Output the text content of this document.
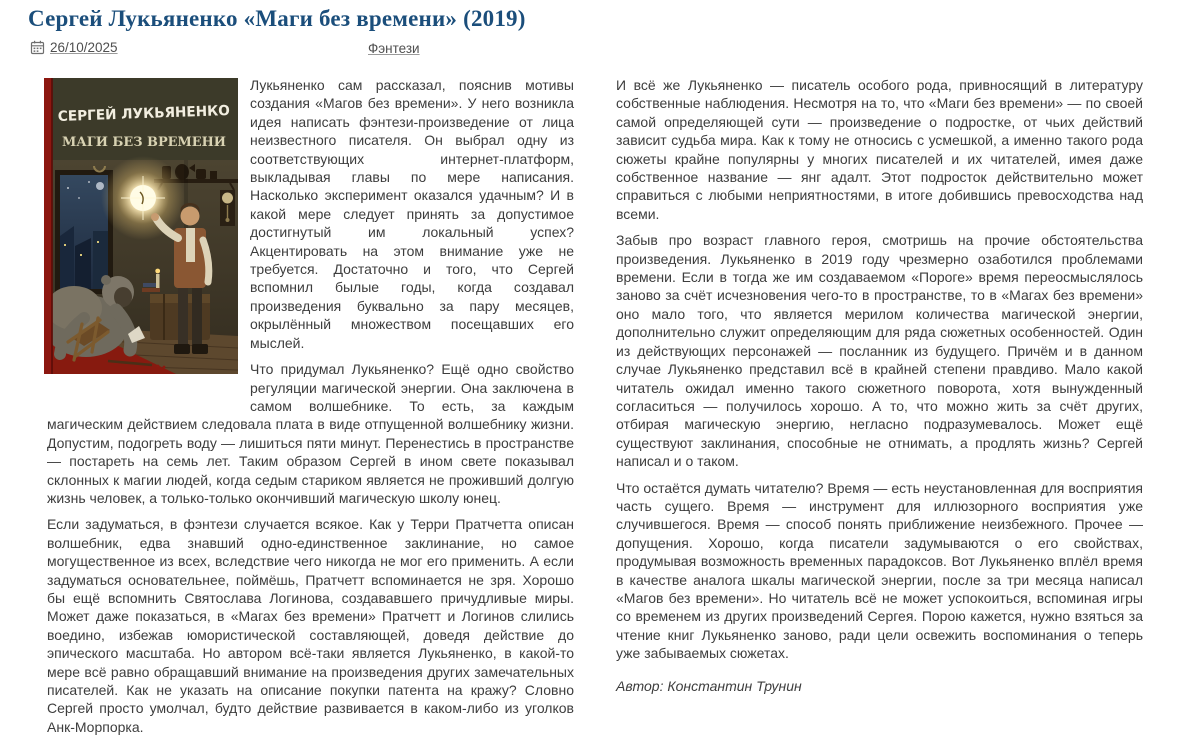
Сергей Лукьяненко «Маги без времени» (2019)
26/10/2025	Фэнтези
СЕРГЕЙ ЛУКЬЯНЕНКО
МАГИ БЕЗ ВРЕМЕНИ

Лукьяненко сам рассказал, пояснив мотивы создания «Магов без времени». У него возникла идея написать фэнтези-произведение от лица неизвестного писателя. Он выбрал одну из соответствующих интернет-платформ, выкладывая главы по мере написания. Насколько эксперимент оказался удачным? И в какой мере следует принять за допустимое достигнутый им локальный успех? Акцентировать на этом внимание уже не требуется. Достаточно и того, что Сергей вспомнил былые годы, когда создавал произведения буквально за пару месяцев, окрылённый множеством посещавших его мыслей.

Что придумал Лукьяненко? Ещё одно свойство регуляции магической энергии. Она заключена в самом волшебнике. То есть, за каждым магическим действием следовала плата в виде отпущенной волшебнику жизни. Допустим, подогреть воду — лишиться пяти минут. Перенестись в пространстве — постареть на семь лет. Таким образом Сергей в ином свете показывал склонных к магии людей, когда седым стариком является не проживший долгую жизнь человек, а только-только окончивший магическую школу юнец.

Если задуматься, в фэнтези случается всякое. Как у Терри Пратчетта описан волшебник, едва знавший одно-единственное заклинание, но самое могущественное из всех, вследствие чего никогда не мог его применить. А если задуматься основательнее, поймёшь, Пратчетт вспоминается не зря. Хорошо бы ещё вспомнить Святослава Логинова, создававшего причудливые миры. Может даже показаться, в «Магах без времени» Пратчетт и Логинов слились воедино, избежав юмористической составляющей, доведя действие до эпического масштаба. Но автором всё-таки является Лукьяненко, в какой-то мере всё равно обращавший внимание на произведения других замечательных писателей. Как не указать на описание покупки патента на кражу? Словно Сергей просто умолчал, будто действие развивается в каком-либо из уголков Анк-Морпорка.

И всё же Лукьяненко — писатель особого рода, привносящий в литературу собственные наблюдения. Несмотря на то, что «Маги без времени» — по своей самой определяющей сути — произведение о подростке, от чьих действий зависит судьба мира. Как к тому не относись с усмешкой, а именно такого рода сюжеты крайне популярны у многих писателей и их читателей, имея даже собственное название — янг адалт. Этот подросток действительно может справиться с любыми неприятностями, в итоге добившись превосходства над всеми.

Забыв про возраст главного героя, смотришь на прочие обстоятельства произведения. Лукьяненко в 2019 году чрезмерно озаботился проблемами времени. Если в тогда же им создаваемом «Пороге» время переосмыслялось заново за счёт исчезновения чего-то в пространстве, то в «Магах без времени» оно мало того, что является мерилом количества магической энергии, дополнительно служит определяющим для ряда сюжетных особенностей. Один из действующих персонажей — посланник из будущего. Причём и в данном случае Лукьяненко представил всё в крайней степени правдиво. Мало какой читатель ожидал именно такого сюжетного поворота, хотя вынужденный согласиться — получилось хорошо. А то, что можно жить за счёт других, отбирая магическую энергию, негласно подразумевалось. Может ещё существуют заклинания, способные не отнимать, а продлять жизнь? Сергей написал и о таком.

Что остаётся думать читателю? Время — есть неустановленная для восприятия часть сущего. Время — инструмент для иллюзорного восприятия уже случившегося. Время — способ понять приближение неизбежного. Прочее — допущения. Хорошо, когда писатели задумываются о его свойствах, продумывая возможность временных парадоксов. Вот Лукьяненко вплёл время в качестве аналога шкалы магической энергии, после за три месяца написал «Магов без времени». Но читатель всё не может успокоиться, вспоминая игры со временем из других произведений Сергея. Порою кажется, нужно взяться за чтение книг Лукьяненко заново, ради цели освежить воспоминания о теперь уже забываемых сюжетах.

Автор: Константин Трунин
